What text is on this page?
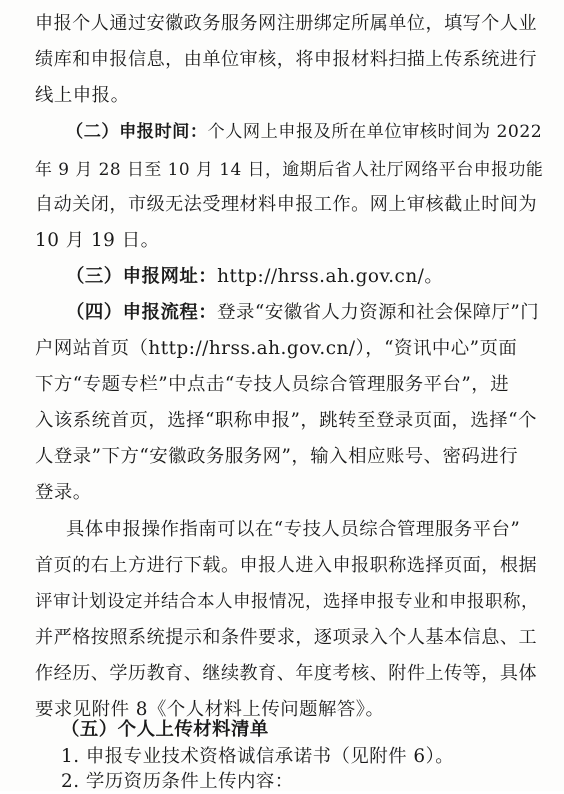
申报个人通过安徽政务服务网注册绑定所属单位，填写个人业
绩库和申报信息，由单位审核，将申报材料扫描上传系统进行
线上申报。
（二）申报时间：个人网上申报及所在单位审核时间为 2022
年 9 月 28 日至 10 月 14 日，逾期后省人社厅网络平台申报功能
自动关闭，市级无法受理材料申报工作。网上审核截止时间为
10 月 19 日。
（三）申报网址：http://hrss.ah.gov.cn/。
（四）申报流程：登录“安徽省人力资源和社会保障厅”门
户网站首页（http://hrss.ah.gov.cn/），“资讯中心”页面
下方“专题专栏”中点击“专技人员综合管理服务平台”，进
入该系统首页，选择“职称申报”，跳转至登录页面，选择“个
人登录”下方“安徽政务服务网”，输入相应账号、密码进行
登录。
具体申报操作指南可以在“专技人员综合管理服务平台”
首页的右上方进行下载。申报人进入申报职称选择页面，根据
评审计划设定并结合本人申报情况，选择申报专业和申报职称，
并严格按照系统提示和条件要求，逐项录入个人基本信息、工
作经历、学历教育、继续教育、年度考核、附件上传等，具体
要求见附件 8《个人材料上传问题解答》。
（五）个人上传材料清单
1. 申报专业技术资格诚信承诺书（见附件 6）。
2. 学历资历条件上传内容：
